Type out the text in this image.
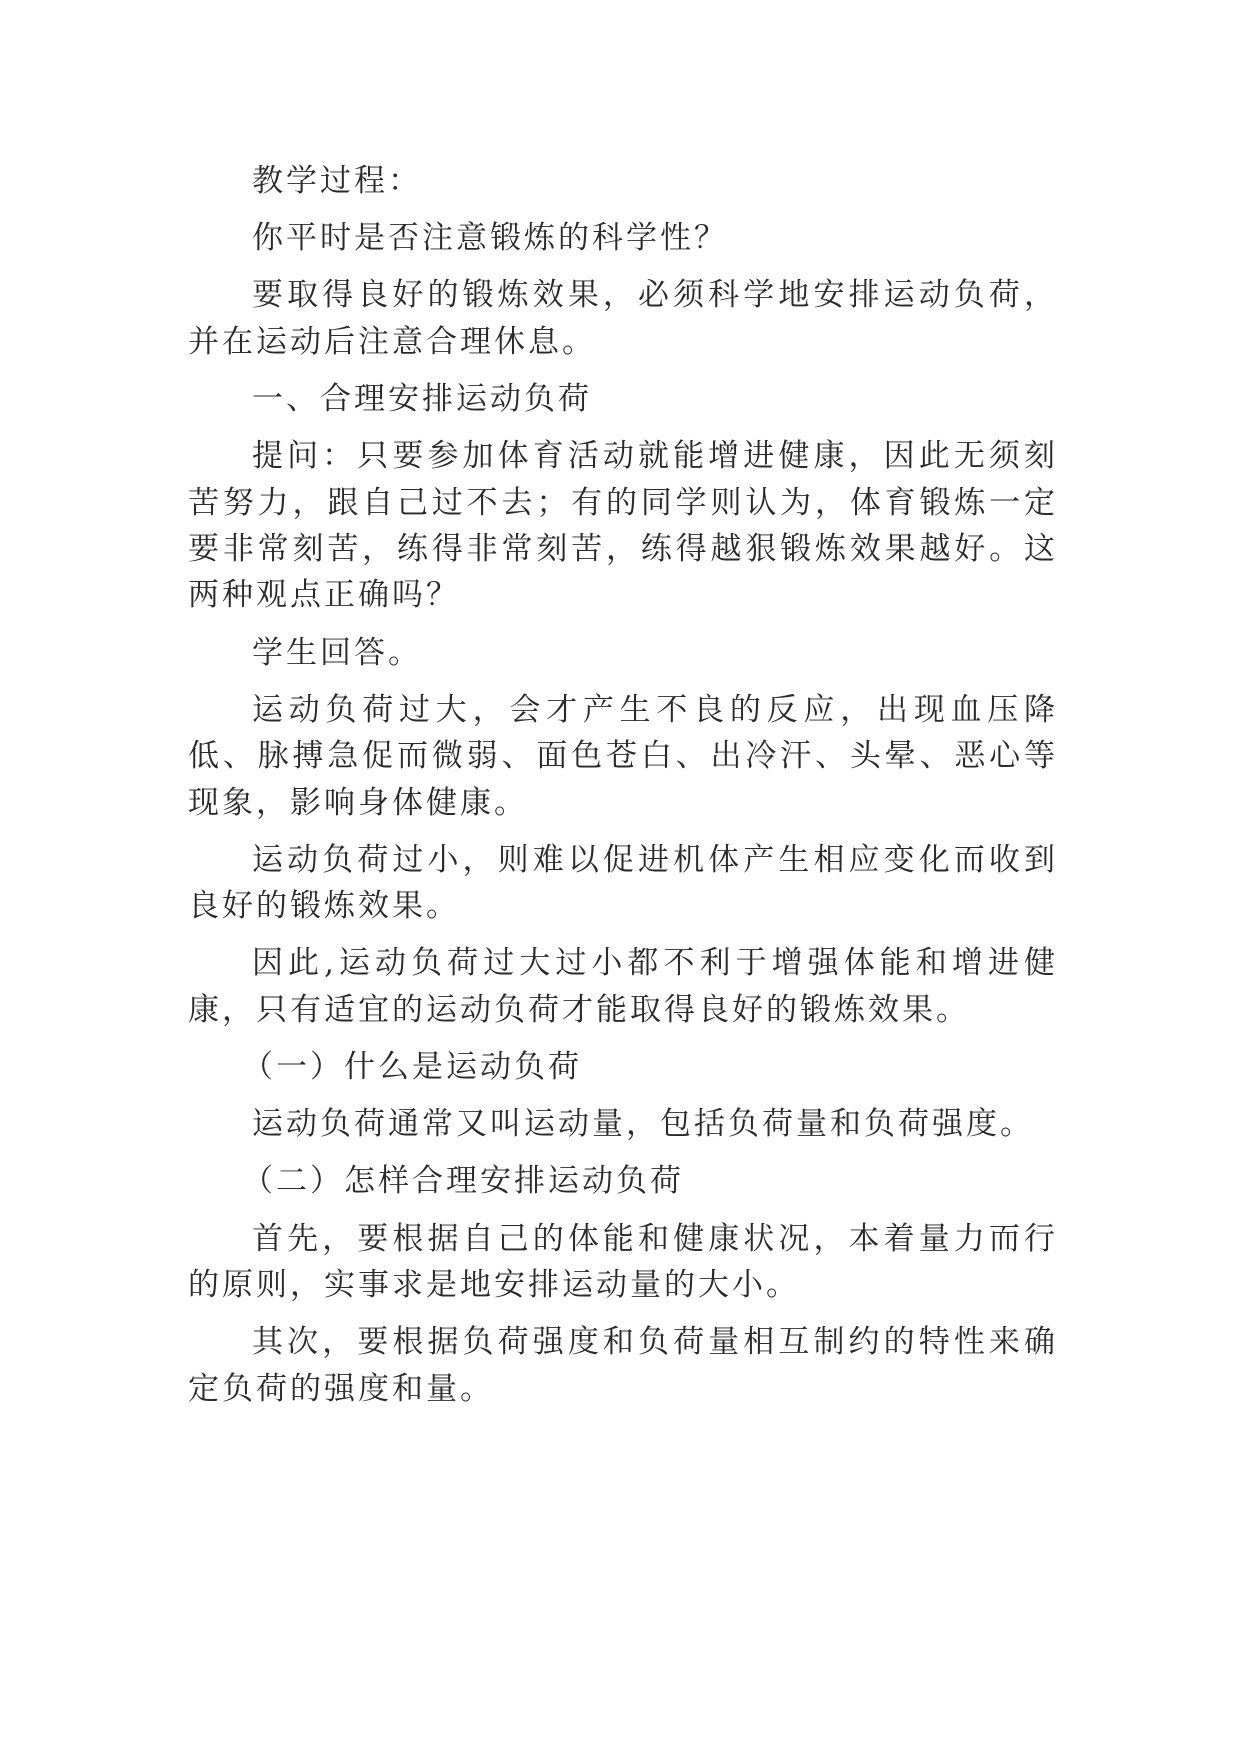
教学过程：

你平时是否注意锻炼的科学性？

要取得良好的锻炼效果，必须科学地安排运动负荷，并在运动后注意合理休息。

一、合理安排运动负荷

提问：只要参加体育活动就能增进健康，因此无须刻苦努力，跟自己过不去；有的同学则认为，体育锻炼一定要非常刻苦，练得非常刻苦，练得越狠锻炼效果越好。这两种观点正确吗？

学生回答。

运动负荷过大，会才产生不良的反应，出现血压降低、脉搏急促而微弱、面色苍白、出冷汗、头晕、恶心等现象，影响身体健康。

运动负荷过小，则难以促进机体产生相应变化而收到良好的锻炼效果。

因此,运动负荷过大过小都不利于增强体能和增进健康，只有适宜的运动负荷才能取得良好的锻炼效果。

（一）什么是运动负荷

运动负荷通常又叫运动量，包括负荷量和负荷强度。

（二）怎样合理安排运动负荷

首先，要根据自己的体能和健康状况，本着量力而行的原则，实事求是地安排运动量的大小。

其次，要根据负荷强度和负荷量相互制约的特性来确定负荷的强度和量。
